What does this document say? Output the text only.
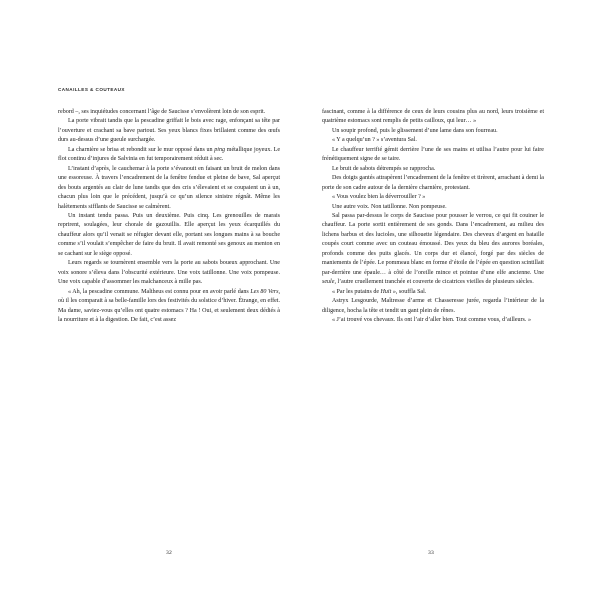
CANAILLES & COUTEAUX

rebord –, ses inquiétudes concernant l’âge de Saucisse s’envolèrent loin de son esprit.

La porte vibrait tandis que la pescadine griffait le bois avec rage, enfonçant sa tête par l’ouverture et crachant sa bave partout. Ses yeux blancs fixes brillaient comme des œufs durs au-dessus d’une gueule surchargée.

La charnière se brisa et rebondit sur le mur opposé dans un ping métallique joyeux. Le flot continu d’injures de Salvinia en fut temporairement réduit à sec.

L’instant d’après, le cauchemar à la porte s’évanouit en faisant un bruit de melon dans une essoreuse. À travers l’encadrement de la fenêtre fendue et pleine de bave, Sal aperçut des bouts argentés au clair de lune tandis que des cris s’élevaient et se coupaient un à un, chacun plus loin que le précédent, jusqu’à ce qu’un silence sinistre régnât. Même les halètements sifflants de Saucisse se calmèrent.

Un instant tendu passa. Puis un deuxième. Puis cinq. Les grenouilles de marais reprirent, soulagées, leur chorale de gazouillis. Elle aperçut les yeux écarquillés du chauffeur alors qu’il venait se réfugier devant elle, portant ses longues mains à sa bouche comme s’il voulait s’empêcher de faire du bruit. Il avait remonté ses genoux au menton en se cachant sur le siège opposé.

Leurs regards se tournèrent ensemble vers la porte au sabots boueux approchant. Une voix sonore s’éleva dans l’obscurité extérieure. Une voix tatillonne. Une voix pompeuse. Une voix capable d’assommer les malchanceux à mille pas.

« Ah, la pescadine commune. Maltheus est connu pour en avoir parlé dans Les 80 Vers, où il les comparait à sa belle-famille lors des festivités du solstice d’hiver. Étrange, en effet. Ma dame, saviez-vous qu’elles ont quatre estomacs ? Ha ! Oui, et seulement deux dédiés à la nourriture et à la digestion. De fait, c’est assez

32

fascinant, comme à la différence de ceux de leurs cousins plus au nord, leurs troisième et quatrième estomacs sont remplis de petits cailloux, qui leur… »

Un soupir profond, puis le glissement d’une lame dans son fourreau.

« Y a quelqu’un ? » s’aventura Sal.

Le chauffeur terrifié gémit derrière l’une de ses mains et utilisa l’autre pour lui faire frénétiquement signe de se taire.

Le bruit de sabots détrempés se rapprocha.

Des doigts gantés attrapèrent l’encadrement de la fenêtre et tirèrent, arrachant à demi la porte de son cadre autour de la dernière charnière, protestant.

« Vous voulez bien la déverrouiller ? »

Une autre voix. Non tatillonne. Non pompeuse.

Sal passa par-dessus le corps de Saucisse pour pousser le verrou, ce qui fit couiner le chauffeur. La porte sortit entièrement de ses gonds. Dans l’encadrement, au milieu des lichens barbus et des lucioles, une silhouette légendaire. Des cheveux d’argent en bataille coupés court comme avec un couteau émoussé. Des yeux du bleu des aurores boréales, profonds comme des puits glacés. Un corps dur et élancé, forgé par des siècles de maniements de l’épée. Le pommeau blanc en forme d’étoile de l’épée en question scintillait par-derrière une épaule… à côté de l’oreille mince et pointue d’une elfe ancienne. Une seule, l’autre cruellement tranchée et couverte de cicatrices vieilles de plusieurs siècles.

« Par les putains de Huit », souffla Sal.

Astryx Lesgourde, Maîtresse d’arme et Chasseresse jurée, regarda l’intérieur de la diligence, hocha la tête et tendit un gant plein de rênes.

« J’ai trouvé vos chevaux. Ils ont l’air d’aller bien. Tout comme vous, d’ailleurs. »

33
